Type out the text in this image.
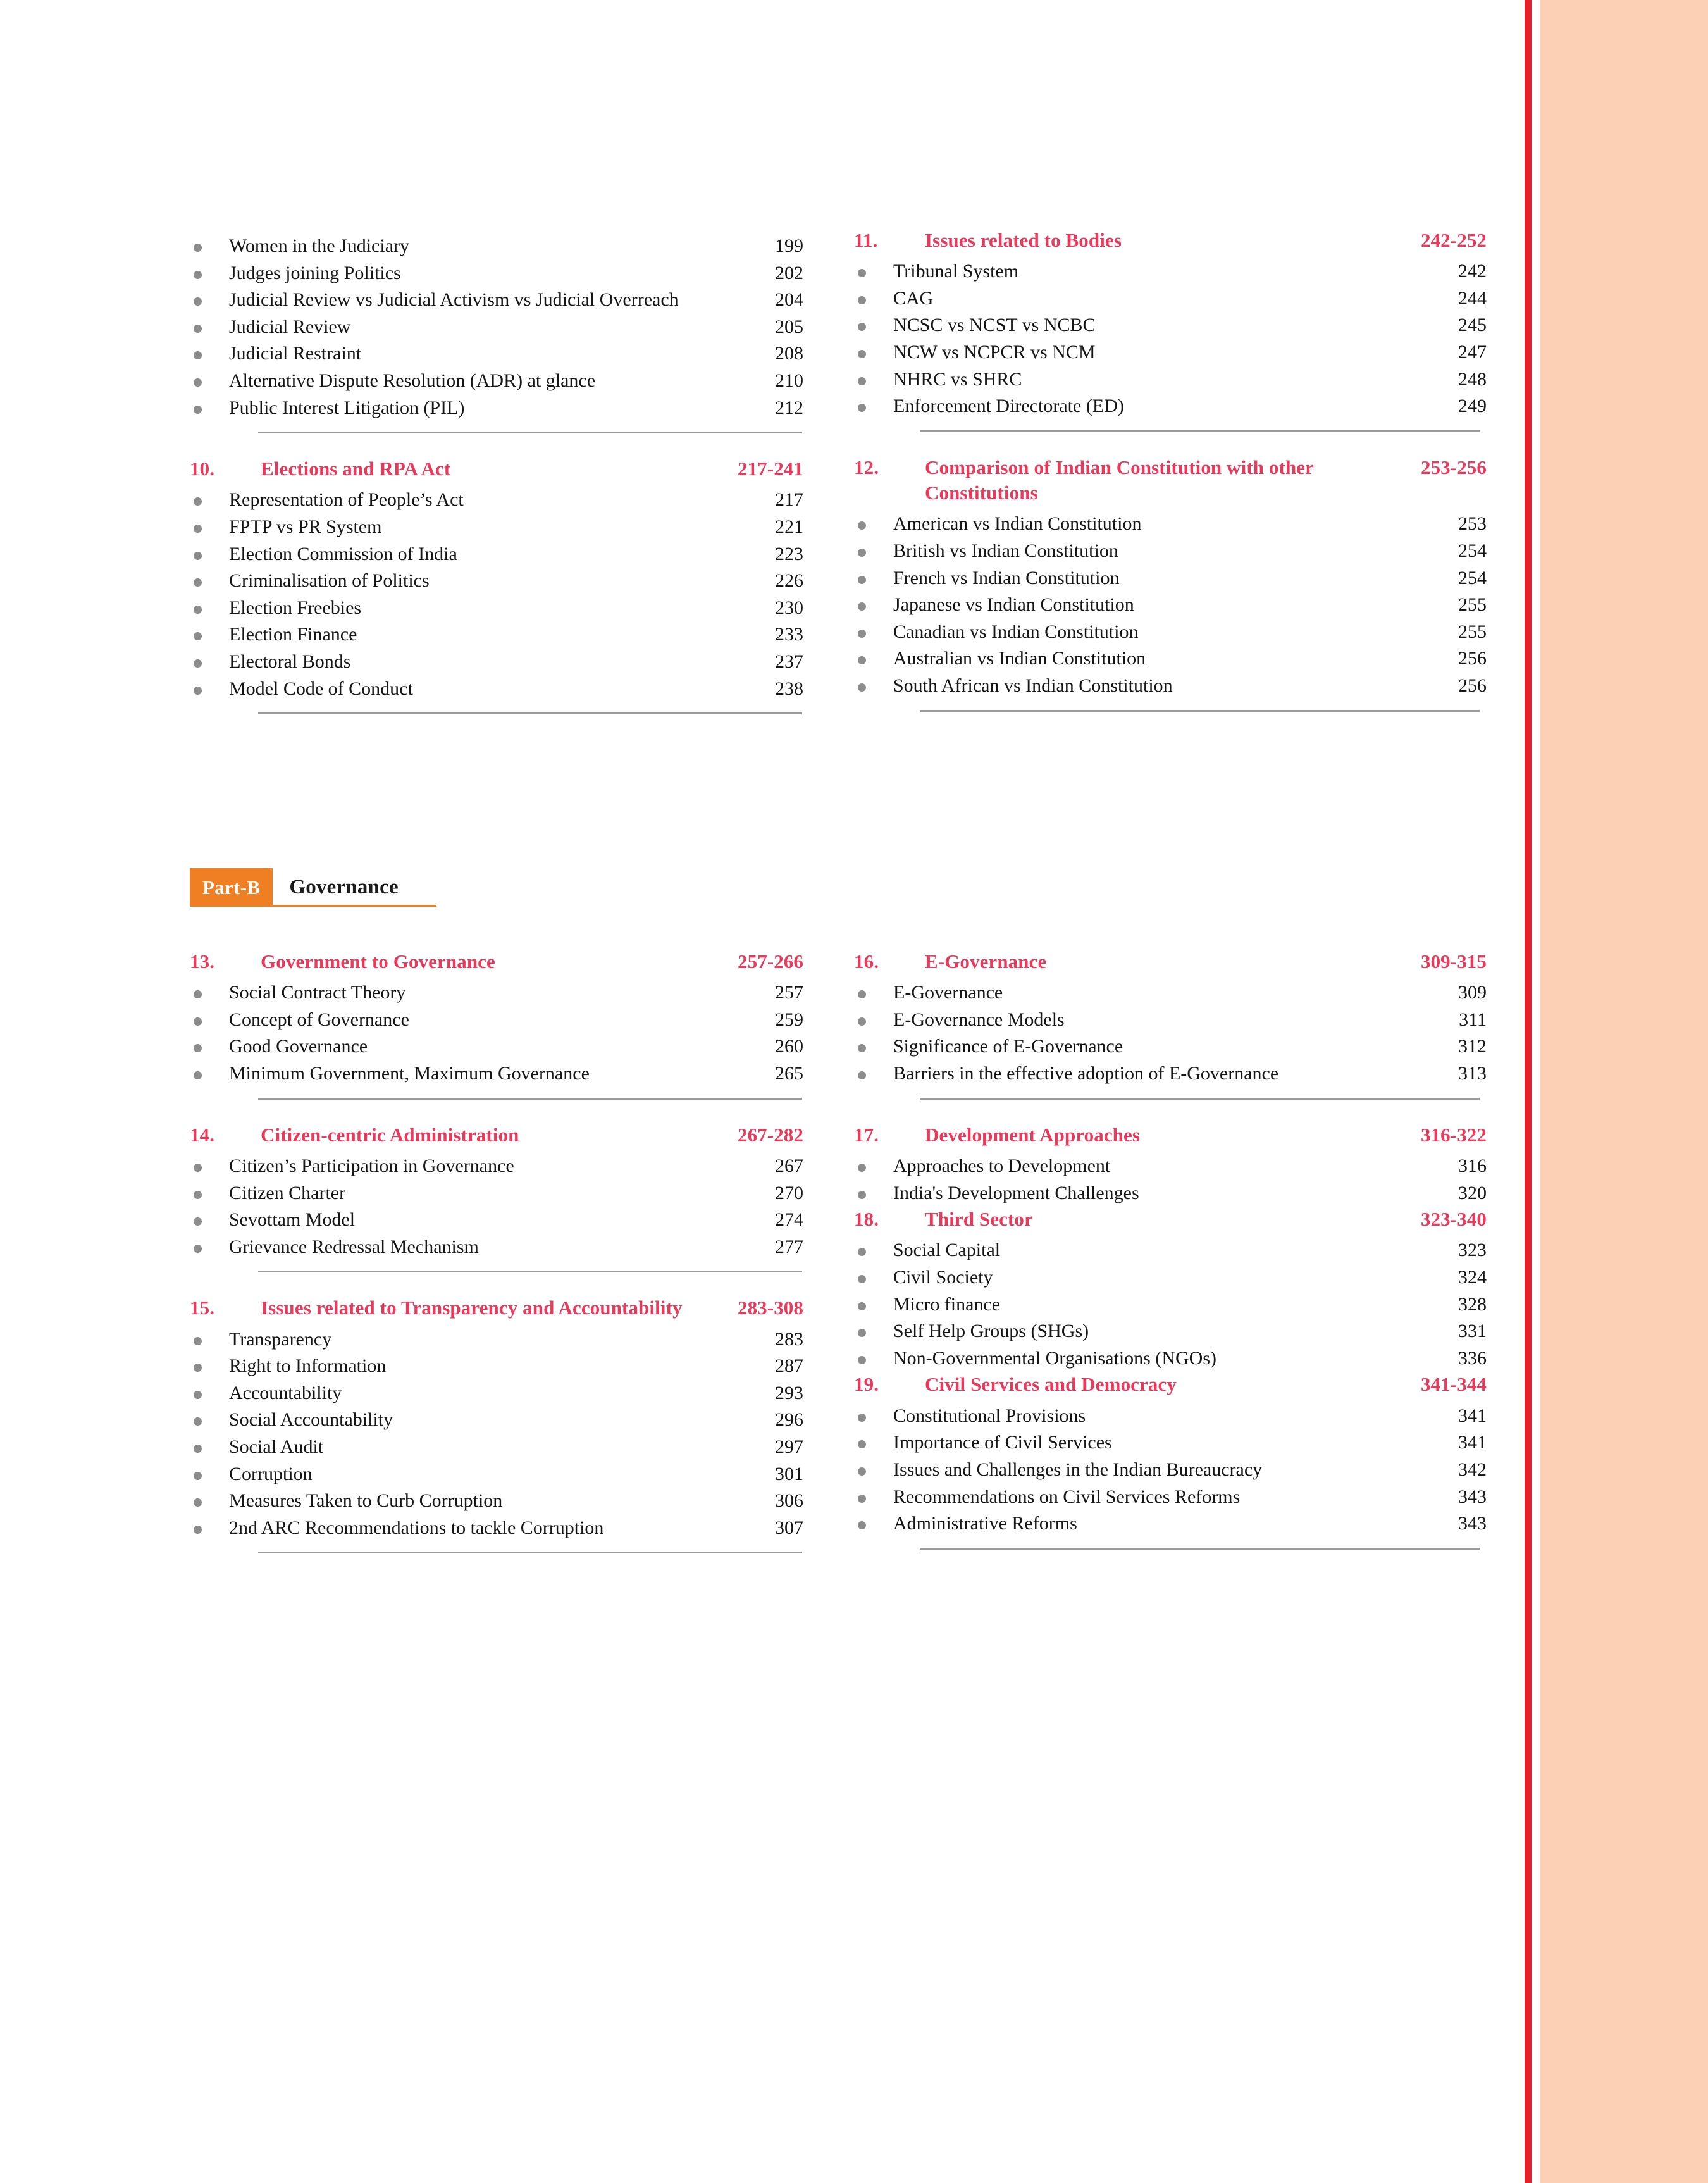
Women in the Judiciary	199
Judges joining Politics	202
Judicial Review vs Judicial Activism vs Judicial Overreach	204
Judicial Review	205
Judicial Restraint	208
Alternative Dispute Resolution (ADR) at glance	210
Public Interest Litigation (PIL)	212
10.	Elections and RPA Act	217-241
Representation of People’s Act	217
FPTP vs PR System	221
Election Commission of India	223
Criminalisation of Politics	226
Election Freebies	230
Election Finance	233
Electoral Bonds	237
Model Code of Conduct	238
11.	Issues related to Bodies	242-252
Tribunal System	242
CAG	244
NCSC vs NCST vs NCBC	245
NCW vs NCPCR vs NCM	247
NHRC vs SHRC	248
Enforcement Directorate (ED)	249
12.	Comparison of Indian Constitution with other Constitutions
253-256
American vs Indian Constitution	253
British vs Indian Constitution	254
French vs Indian Constitution	254
Japanese vs Indian Constitution	255
Canadian vs Indian Constitution	255
Australian vs Indian Constitution	256
South African vs Indian Constitution	256
Part-B	Governance
13.	Government to Governance	257-266
Social Contract Theory	257
Concept of Governance	259
Good Governance	260
Minimum Government, Maximum Governance	265
14.	Citizen-centric Administration	267-282
Citizen’s Participation in Governance	267
Citizen Charter	270
Sevottam Model	274
Grievance Redressal Mechanism	277
15.	Issues related to Transparency and Accountability	283-308
Transparency	283
Right to Information	287
Accountability	293
Social Accountability	296
Social Audit	297
Corruption	301
Measures Taken to Curb Corruption	306
2nd ARC Recommendations to tackle Corruption	307
16.	E-Governance	309-315
E-Governance	309
E-Governance Models	311
Significance of E-Governance	312
Barriers in the effective adoption of E-Governance	313
17.	Development Approaches	316-322
Approaches to Development	316
India's Development Challenges	320
18.	Third Sector	323-340
Social Capital	323
Civil Society	324
Micro finance	328
Self Help Groups (SHGs)	331
Non-Governmental Organisations (NGOs)	336
19.	Civil Services and Democracy	341-344
Constitutional Provisions	341
Importance of Civil Services	341
Issues and Challenges in the Indian Bureaucracy	342
Recommendations on Civil Services Reforms	343
Administrative Reforms	343
